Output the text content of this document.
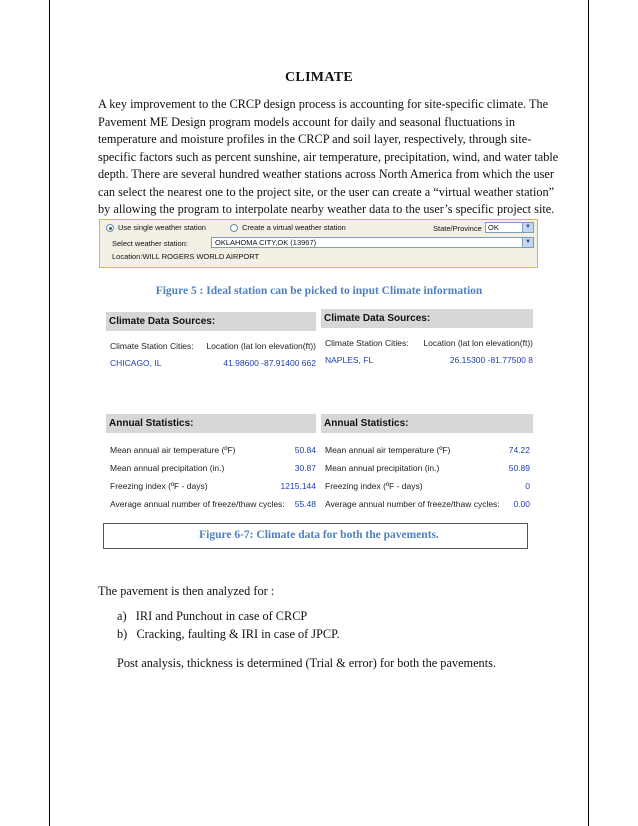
CLIMATE
A key improvement to the CRCP design process is accounting for site-specific climate. The
Pavement ME Design program models account for daily and seasonal fluctuations in
temperature and moisture profiles in the CRCP and soil layer, respectively, through site-
specific factors such as percent sunshine, air temperature, precipitation, wind, and water table
depth. There are several hundred weather stations across North America from which the user
can select the nearest one to the project site, or the user can create a “virtual weather station”
by allowing the program to interpolate nearby weather data to the user’s specific project site.
Use single weather station	Create a virtual weather station	State/Province OK	▼
Select weather station:	OKLAHOMA CITY,OK (13967)	▼
Location:WILL ROGERS WORLD AIRPORT
Figure 5 : Ideal station can be picked to input Climate information
Climate Data Sources:
Climate Station Cities: Location (lat lon elevation(ft))
CHICAGO, IL	41.98600 -87.91400 662
Climate Data Sources:
Climate Station Cities: Location (lat lon elevation(ft))
NAPLES, FL	26.15300 -81.77500 8
Annual Statistics:
Mean annual air temperature (ºF)	50.84
Mean annual precipitation (in.)	30.87
Freezing index (ºF - days)	1215.144
Average annual number of freeze/thaw cycles: 55.48
Annual Statistics:
Mean annual air temperature (ºF)	74.22
Mean annual precipitation (in.)	50.89
Freezing index (ºF - days)	0
Average annual number of freeze/thaw cycles: 0.00
Figure 6-7: Climate data for both the pavements.
The pavement is then analyzed for :
a)  IRI and Punchout in case of CRCP
b)  Cracking, faulting & IRI in case of JPCP.
Post analysis, thickness is determined (Trial & error) for both the pavements.
